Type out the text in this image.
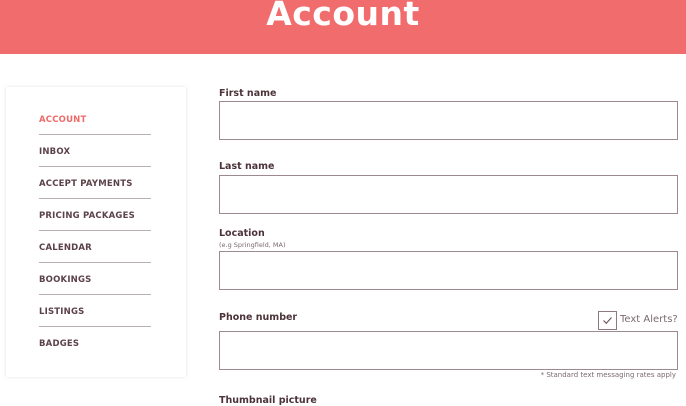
Account
ACCOUNT
INBOX
ACCEPT PAYMENTS
PRICING PACKAGES
CALENDAR
BOOKINGS
LISTINGS
BADGES
First name
Last name
Location
(e.g Springfield, MA)
Phone number	Text Alerts?
* Standard text messaging rates apply
Thumbnail picture
